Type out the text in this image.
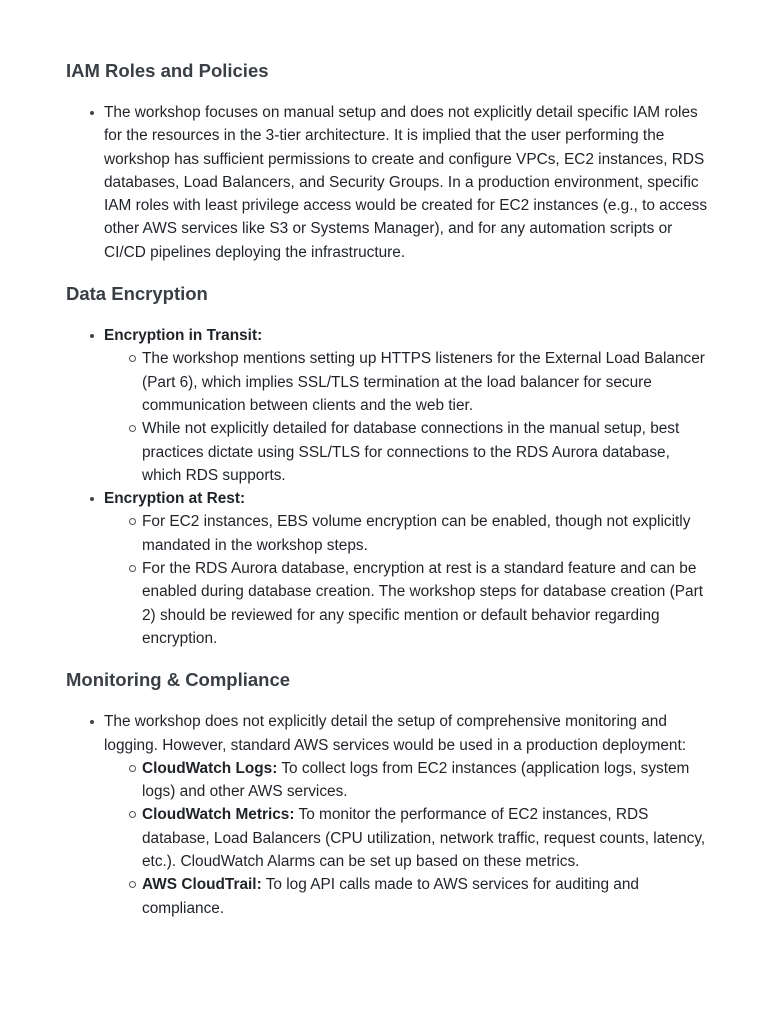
IAM Roles and Policies
The workshop focuses on manual setup and does not explicitly detail specific IAM roles for the resources in the 3-tier architecture. It is implied that the user performing the workshop has sufficient permissions to create and configure VPCs, EC2 instances, RDS databases, Load Balancers, and Security Groups. In a production environment, specific IAM roles with least privilege access would be created for EC2 instances (e.g., to access other AWS services like S3 or Systems Manager), and for any automation scripts or CI/CD pipelines deploying the infrastructure.
Data Encryption
Encryption in Transit:
The workshop mentions setting up HTTPS listeners for the External Load Balancer (Part 6), which implies SSL/TLS termination at the load balancer for secure communication between clients and the web tier.
While not explicitly detailed for database connections in the manual setup, best practices dictate using SSL/TLS for connections to the RDS Aurora database, which RDS supports.
Encryption at Rest:
For EC2 instances, EBS volume encryption can be enabled, though not explicitly mandated in the workshop steps.
For the RDS Aurora database, encryption at rest is a standard feature and can be enabled during database creation. The workshop steps for database creation (Part 2) should be reviewed for any specific mention or default behavior regarding encryption.
Monitoring & Compliance
The workshop does not explicitly detail the setup of comprehensive monitoring and logging. However, standard AWS services would be used in a production deployment:
CloudWatch Logs: To collect logs from EC2 instances (application logs, system logs) and other AWS services.
CloudWatch Metrics: To monitor the performance of EC2 instances, RDS database, Load Balancers (CPU utilization, network traffic, request counts, latency, etc.). CloudWatch Alarms can be set up based on these metrics.
AWS CloudTrail: To log API calls made to AWS services for auditing and compliance.
